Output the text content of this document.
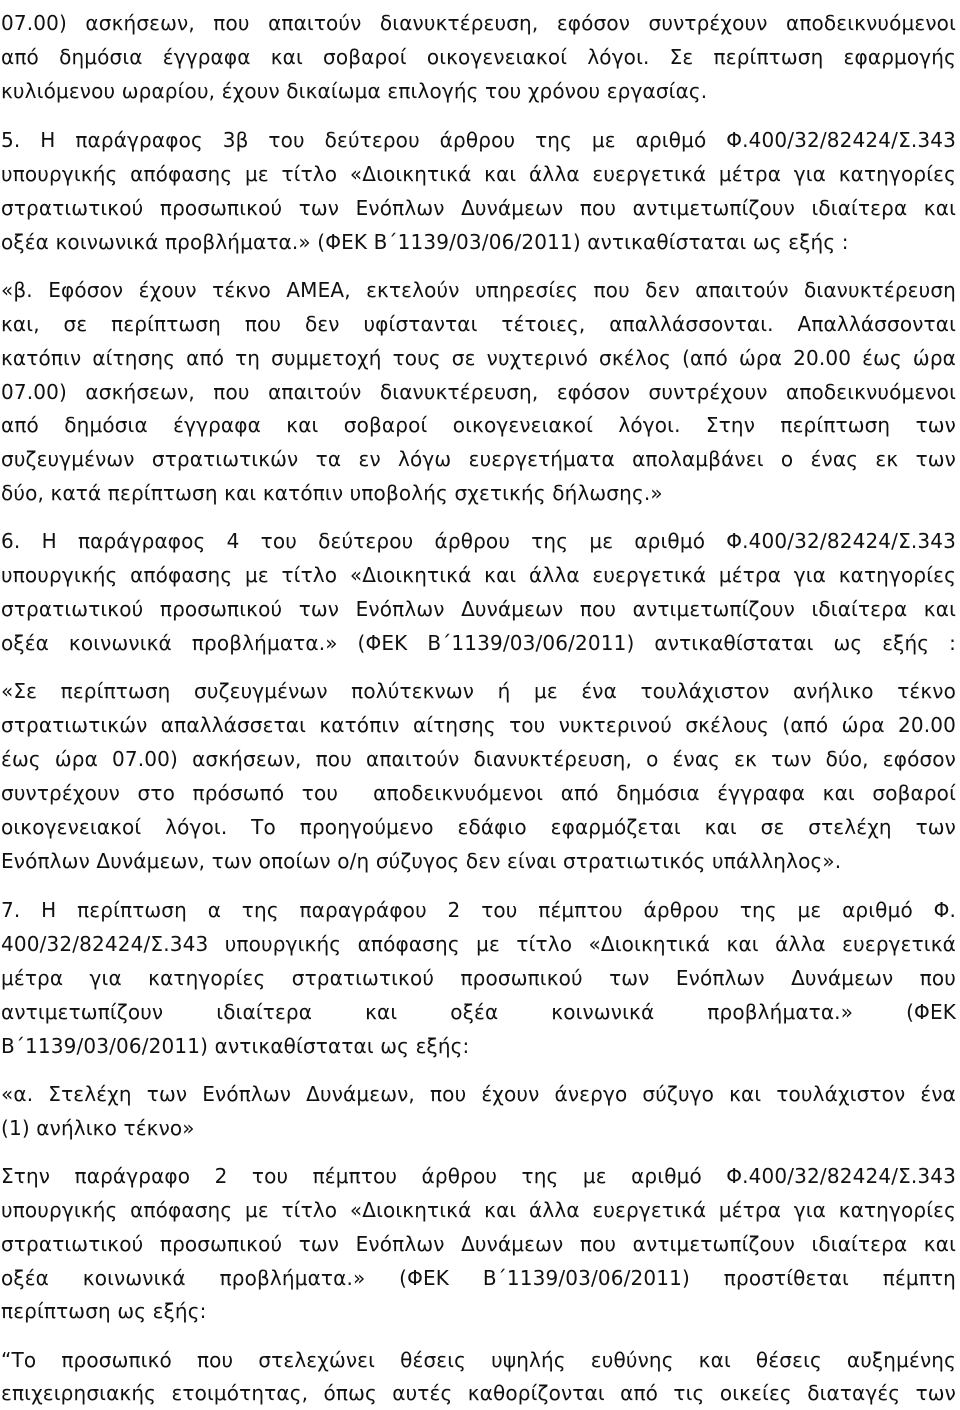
07.00) ασκήσεων, που απαιτούν διανυκτέρευση, εφόσον συντρέχουν αποδεικνυόμενοι
από δημόσια έγγραφα και σοβαροί οικογενειακοί λόγοι. Σε περίπτωση εφαρμογής
κυλιόμενου ωραρίου, έχουν δικαίωμα επιλογής του χρόνου εργασίας.
5. Η παράγραφος 3β του δεύτερου άρθρου της με αριθμό Φ.400/32/82424/Σ.343
υπουργικής απόφασης με τίτλο «Διοικητικά και άλλα ευεργετικά μέτρα για κατηγορίες
στρατιωτικού προσωπικού των Ενόπλων Δυνάμεων που αντιμετωπίζουν ιδιαίτερα και
οξέα κοινωνικά προβλήματα.» (ΦΕΚ Β΄1139/03/06/2011) αντικαθίσταται ως εξής :
«β. Εφόσον έχουν τέκνο ΑΜΕΑ, εκτελούν υπηρεσίες που δεν απαιτούν διανυκτέρευση
και, σε περίπτωση που δεν υφίστανται τέτοιες, απαλλάσσονται. Απαλλάσσονται
κατόπιν αίτησης από τη συμμετοχή τους σε νυχτερινό σκέλος (από ώρα 20.00 έως ώρα
07.00) ασκήσεων, που απαιτούν διανυκτέρευση, εφόσον συντρέχουν αποδεικνυόμενοι
από δημόσια έγγραφα και σοβαροί οικογενειακοί λόγοι. Στην περίπτωση των
συζευγμένων στρατιωτικών τα εν λόγω ευεργετήματα απολαμβάνει ο ένας εκ των
δύο, κατά περίπτωση και κατόπιν υποβολής σχετικής δήλωσης.»
6. Η παράγραφος 4 του δεύτερου άρθρου της με αριθμό Φ.400/32/82424/Σ.343
υπουργικής απόφασης με τίτλο «Διοικητικά και άλλα ευεργετικά μέτρα για κατηγορίες
στρατιωτικού προσωπικού των Ενόπλων Δυνάμεων που αντιμετωπίζουν ιδιαίτερα και
οξέα κοινωνικά προβλήματα.» (ΦΕΚ Β΄1139/03/06/2011) αντικαθίσταται ως εξής :
«Σε περίπτωση συζευγμένων πολύτεκνων ή με ένα τουλάχιστον ανήλικο τέκνο
στρατιωτικών απαλλάσσεται κατόπιν αίτησης του νυκτερινού σκέλους (από ώρα 20.00
έως ώρα 07.00) ασκήσεων, που απαιτούν διανυκτέρευση, ο ένας εκ των δύο, εφόσον
συντρέχουν στο πρόσωπό του  αποδεικνυόμενοι από δημόσια έγγραφα και σοβαροί
οικογενειακοί λόγοι. Το προηγούμενο εδάφιο εφαρμόζεται και σε στελέχη των
Ενόπλων Δυνάμεων, των οποίων ο/η σύζυγος δεν είναι στρατιωτικός υπάλληλος».
7. Η περίπτωση α της παραγράφου 2 του πέμπτου άρθρου της με αριθμό Φ.
400/32/82424/Σ.343 υπουργικής απόφασης με τίτλο «Διοικητικά και άλλα ευεργετικά
μέτρα για κατηγορίες στρατιωτικού προσωπικού των Ενόπλων Δυνάμεων που
αντιμετωπίζουν ιδιαίτερα και οξέα κοινωνικά προβλήματα.» (ΦΕΚ
Β΄1139/03/06/2011) αντικαθίσταται ως εξής:
«α. Στελέχη των Ενόπλων Δυνάμεων, που έχουν άνεργο σύζυγο και τουλάχιστον ένα
(1) ανήλικο τέκνο»
Στην παράγραφο 2 του πέμπτου άρθρου της με αριθμό Φ.400/32/82424/Σ.343
υπουργικής απόφασης με τίτλο «Διοικητικά και άλλα ευεργετικά μέτρα για κατηγορίες
στρατιωτικού προσωπικού των Ενόπλων Δυνάμεων που αντιμετωπίζουν ιδιαίτερα και
οξέα κοινωνικά προβλήματα.» (ΦΕΚ Β΄1139/03/06/2011) προστίθεται πέμπτη
περίπτωση ως εξής:
“Το προσωπικό που στελεχώνει θέσεις υψηλής ευθύνης και θέσεις αυξημένης
επιχειρησιακής ετοιμότητας, όπως αυτές καθορίζονται από τις οικείες διαταγές των
